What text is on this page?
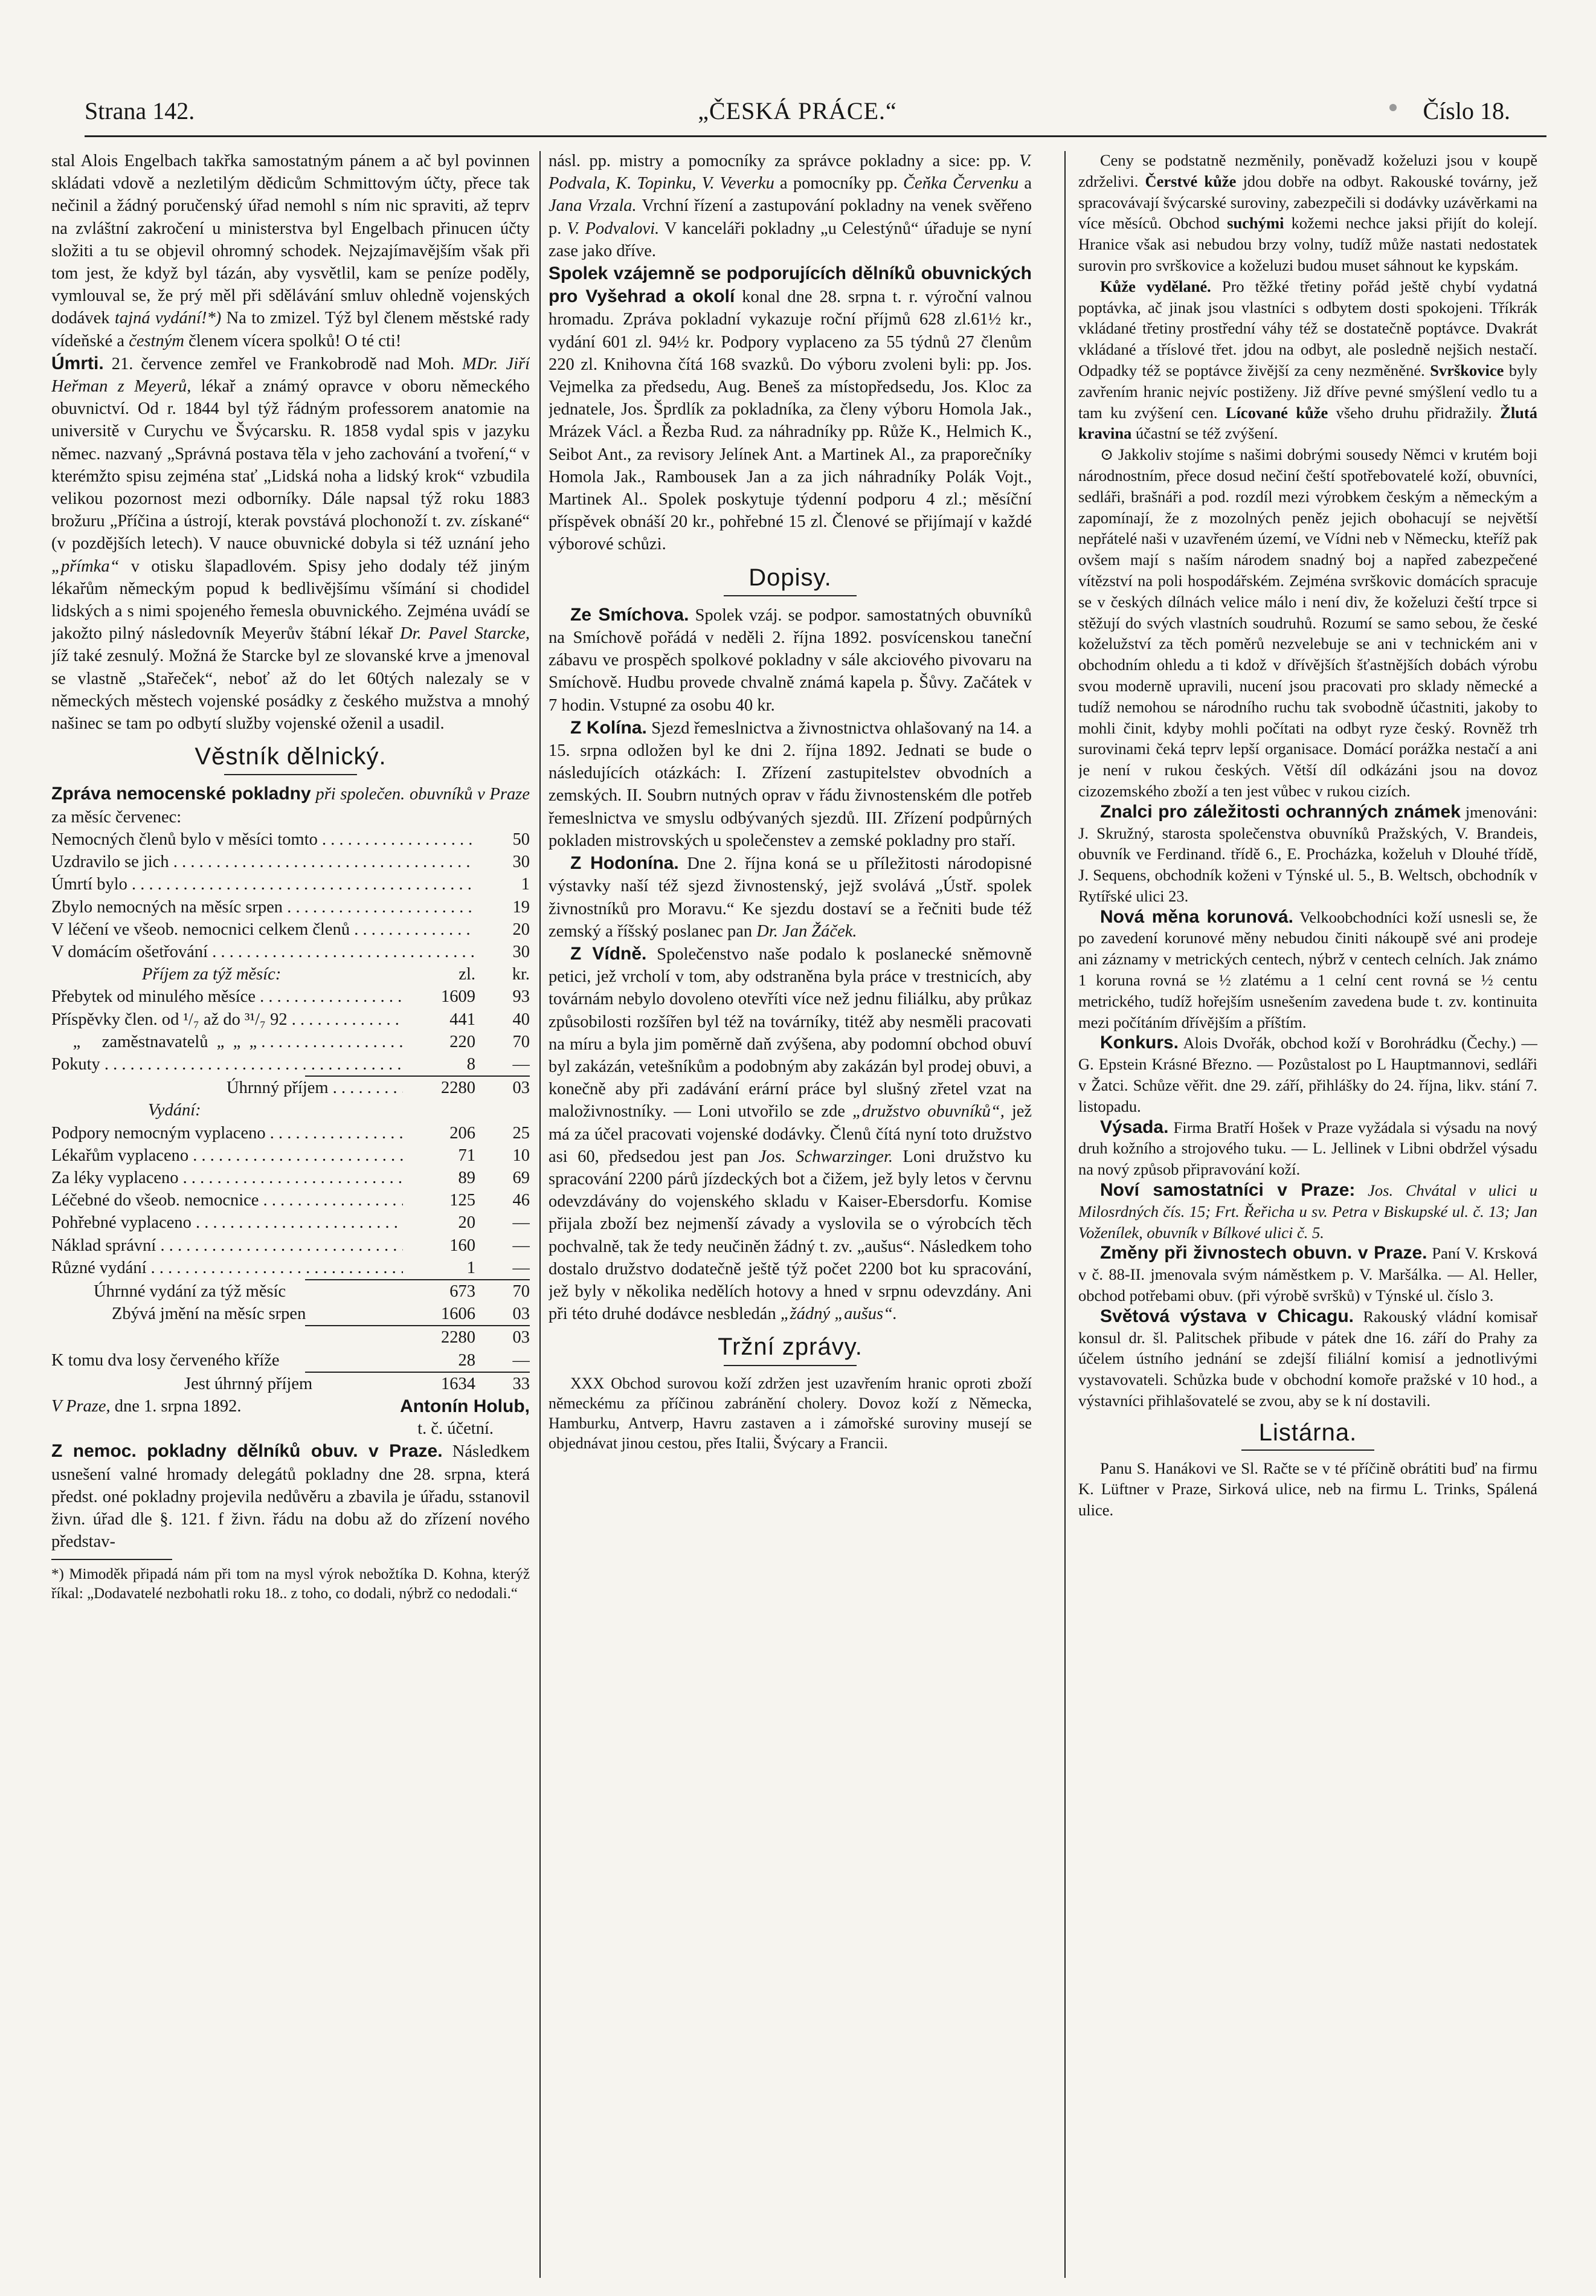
Strana 142.	„ČESKÁ PRÁCE.“	Číslo 18.

stal Alois Engelbach takřka samostatným pánem a ač byl povinnen skládati vdově a nezletilým dědicům Schmittovým účty, přece tak nečinil a žádný poručenský úřad nemohl s ním nic spraviti, až teprv na zvláštní zakročení u ministerstva byl Engelbach přinucen účty složiti a tu se objevil ohromný schodek. Nejzajímavějším však při tom jest, že když byl tázán, aby vysvětlil, kam se peníze poděly, vymlouval se, že prý měl při sdělávání smluv ohledně vojenských dodávek tajná vydání!*) Na to zmizel. Týž byl členem městské rady vídeňské a čestným členem vícera spolků! O té cti!

Úmrti. 21. července zemřel ve Frankobrodě nad Moh. MDr. Jiří Heřman z Meyerů, lékař a známý opravce v oboru německého obuvnictví. Od r. 1844 byl týž řádným professorem anatomie na universitě v Curychu ve Švýcarsku. R. 1858 vydal spis v jazyku němec. nazvaný „Správná postava těla v jeho zachování a tvoření,“ v kterémžto spisu zejména stať „Lidská noha a lidský krok“ vzbudila velikou pozornost mezi odborníky. Dále napsal týž roku 1883 brožuru „Příčina a ústrojí, kterak povstává plochonoží t. zv. získané“ (v pozdějších letech). V nauce obuvnické dobyla si též uznání jeho „přímka“ v otisku šlapadlovém. Spisy jeho dodaly též jiným lékařům německým popud k bedlivějšímu všímání si chodidel lidských a s nimi spojeného řemesla obuvnického. Zejména uvádí se jakožto pilný následovník Meyerův štábní lékař Dr. Pavel Starcke, jíž také zesnulý. Možná že Starcke byl ze slovanské krve a jmenoval se vlastně „Stařeček“, neboť až do let 60tých nalezaly se v německých městech vojenské posádky z českého mužstva a mnohý našinec se tam po odbytí služby vojenské oženil a usadil.

Věstník dělnický.

Zpráva nemocenské pokladny při společen. obuvníků v Praze za měsíc červenec:

Nemocných členů bylo v měsíci tomto . . .	50
Uzdravilo se jich . . .	30
Úmrtí bylo . . .	1
Zbylo nemocných na měsíc srpen . . .	19
V léčení ve všeob. nemocnici celkem členů . . .	20
V domácím ošetřování . . .	30
Příjem za týž měsíc:	zl.	kr.
Přebytek od minulého měsíce . . .	1609	93
Příspěvky člen. od ¹/₇ až do ³¹/₇ 92 . . .	441	40
„     zaměstnavatelů  „  „  „ . . .	220	70
Pokuty . . .	8	—
Úhrnný příjem . . .	2280	03
Vydání:
Podpory nemocným vyplaceno . . .	206	25
Lékařům vyplaceno . . .	71	10
Za léky vyplaceno . . .	89	69
Léčebné do všeob. nemocnice . . .	125	46
Pohřebné vyplaceno . . .	20	—
Náklad správní . . .	160	—
Různé vydání . . .	1	—
Úhrnné vydání za týž měsíc	673	70
Zbývá jmění na měsíc srpen	1606	03
2280	03
K tomu dva losy červeného kříže	28	—
Jest úhrnný příjem	1634	33
V Praze, dne 1. srpna 1892.	Antonín Holub,
t. č. účetní.

Z nemoc. pokladny dělníků obuv. v Praze. Následkem usnešení valné hromady delegátů pokladny dne 28. srpna, která předst. oné pokladny projevila nedůvěru a zbavila je úřadu, sstanovil živn. úřad dle §. 121. f živn. řádu na dobu až do zřízení nového představ-

*) Mimoděk připadá nám při tom na mysl výrok nebožtíka D. Kohna, kterýž říkal: „Dodavatelé nezbohatli roku 18.. z toho, co dodali, nýbrž co nedodali.“

násl. pp. mistry a pomocníky za správce pokladny a sice: pp. V. Podvala, K. Topinku, V. Veverku a pomocníky pp. Čeňka Červenku a Jana Vrzala. Vrchní řízení a zastupování pokladny na venek svěřeno p. V. Podvalovi. V kanceláři pokladny „u Celestýnů“ úřaduje se nyní zase jako dříve.

Spolek vzájemně se podporujících dělníků obuvnických pro Vyšehrad a okolí konal dne 28. srpna t. r. výroční valnou hromadu. Zpráva pokladní vykazuje roční příjmů 628 zl.61½ kr., vydání 601 zl. 94½ kr. Podpory vyplaceno za 55 týdnů 27 členům 220 zl. Knihovna čítá 168 svazků. Do výboru zvoleni byli: pp. Jos. Vejmelka za předsedu, Aug. Beneš za místopředsedu, Jos. Kloc za jednatele, Jos. Šprdlík za pokladníka, za členy výboru Homola Jak., Mrázek Václ. a Řezba Rud. za náhradníky pp. Růže K., Helmich K., Seibot Ant., za revisory Jelínek Ant. a Martinek Al., za praporečníky Homola Jak., Rambousek Jan a za jich náhradníky Polák Vojt., Martinek Al.. Spolek poskytuje týdenní podporu 4 zl.; měsíční příspěvek obnáší 20 kr., pohřebné 15 zl. Členové se přijímají v každé výborové schůzi.

Dopisy.

Ze Smíchova. Spolek vzáj. se podpor. samostatných obuvníků na Smíchově pořádá v neděli 2. října 1892. posvícenskou taneční zábavu ve prospěch spolkové pokladny v sále akciového pivovaru na Smíchově. Hudbu provede chvalně známá kapela p. Šůvy. Začátek v 7 hodin. Vstupné za osobu 40 kr.

Z Kolína. Sjezd řemeslnictva a živnostnictva ohlašovaný na 14. a 15. srpna odložen byl ke dni 2. října 1892. Jednati se bude o následujících otázkách: I. Zřízení zastupitelstev obvodních a zemských. II. Soubrn nutných oprav v řádu živnostenském dle potřeb řemeslnictva ve smyslu odbývaných sjezdů. III. Zřízení podpůrných pokladen mistrovských u společenstev a zemské pokladny pro staří.

Z Hodonína. Dne 2. října koná se u příležitosti národopisné výstavky naší též sjezd živnostenský, jejž svolává „Ústř. spolek živnostníků pro Moravu.“ Ke sjezdu dostaví se a řečniti bude též zemský a říšský poslanec pan Dr. Jan Žáček.

Z Vídně. Společenstvo naše podalo k poslanecké sněmovně petici, jež vrcholí v tom, aby odstraněna byla práce v trestnicích, aby továrnám nebylo dovoleno otevříti více než jednu filiálku, aby průkaz způsobilosti rozšířen byl též na továrníky, titéž aby nesměli pracovati na míru a byla jim poměrně daň zvýšena, aby podomní obchod obuví byl zakázán, vetešníkům a podobným aby zakázán byl prodej obuvi, a konečně aby při zadávání erární práce byl slušný zřetel vzat na maloživnostníky. — Loni utvořilo se zde „družstvo obuvníků“, jež má za účel pracovati vojenské dodávky. Členů čítá nyní toto družstvo asi 60, předsedou jest pan Jos. Schwarzinger. Loni družstvo ku spracování 2200 párů jízdeckých bot a čižem, jež byly letos v červnu odevzdávány do vojenského skladu v Kaiser-Ebersdorfu. Komise přijala zboží bez nejmenší závady a vyslovila se o výrobcích těch pochvalně, tak že tedy neučiněn žádný t. zv. „aušus“. Následkem toho dostalo družstvo dodatečně ještě týž počet 2200 bot ku spracování, jež byly v několika nedělích hotovy a hned v srpnu odevzdány. Ani při této druhé dodávce nesbledán „žádný „aušus“.

Tržní zprávy.

XXX Obchod surovou koží zdržen jest uzavřením hranic oproti zboží německému za příčinou zabránění cholery. Dovoz koží z Německa, Hamburku, Antverp, Havru zastaven a i zámořské suroviny musejí se objednávat jinou cestou, přes Italii, Švýcary a Francii.

Ceny se podstatně nezměnily, poněvadž koželuzi jsou v koupě zdrželivi. Čerstvé kůže jdou dobře na odbyt. Rakouské továrny, jež spracovávají švýcarské suroviny, zabezpečili si dodávky uzávěrkami na více měsíců. Obchod suchými kožemi nechce jaksi přijít do kolejí. Hranice však asi nebudou brzy volny, tudíž může nastati nedostatek surovin pro svrškovice a koželuzi budou muset sáhnout ke kypskám.

Kůže vydělané. Pro těžké třetiny pořád ještě chybí vydatná poptávka, ač jinak jsou vlastníci s odbytem dosti spokojeni. Tříkrák vkládané třetiny prostřední váhy též se dostatečně poptávce. Dvakrát vkládané a tříslové třet. jdou na odbyt, ale posledně nejšich nestačí. Odpadky též se poptávce živější za ceny nezměněné. Svrškovice byly zavřením hranic nejvíc postiženy. Již dříve pevné smýšlení vedlo tu a tam ku zvýšení cen. Lícované kůže všeho druhu přidražily. Žlutá kravina účastní se též zvýšení.

⊙ Jakkoliv stojíme s našimi dobrými sousedy Němci v krutém boji národnostním, přece dosud nečiní čeští spotřebovatelé koží, obuvníci, sedláři, brašnáři a pod. rozdíl mezi výrobkem českým a německým a zapomínají, že z mozolných peněz jejich obohacují se největší nepřátelé naši v uzavřeném území, ve Vídni neb v Německu, kteříž pak ovšem mají s naším národem snadný boj a napřed zabezpečené vítězství na poli hospodářském. Zejména svrškovic domácích spracuje se v českých dílnách velice málo i není div, že koželuzi čeští trpce si stěžují do svých vlastních soudruhů. Rozumí se samo sebou, že české koželužství za těch poměrů nezvelebuje se ani v technickém ani v obchodním ohledu a ti kdož v dřívějších šťastnějších dobách výrobu svou moderně upravili, nucení jsou pracovati pro sklady německé a tudíž nemohou se národního ruchu tak svobodně účastniti, jakoby to mohli činit, kdyby mohli počítati na odbyt ryze český. Rovněž trh surovinami čeká teprv lepší organisace. Domácí porážka nestačí a ani je není v rukou českých. Větší díl odkázáni jsou na dovoz cizozemského zboží a ten jest vůbec v rukou cizích.

Znalci pro záležitosti ochranných známek jmenováni: J. Skružný, starosta společenstva obuvníků Pražských, V. Brandeis, obuvník ve Ferdinand. třídě 6., E. Procházka, koželuh v Dlouhé třídě, J. Sequens, obchodník koženi v Týnské ul. 5., B. Weltsch, obchodník v Rytířské ulici 23.

Nová měna korunová. Velkoobchodníci koží usnesli se, že po zavedení korunové měny nebudou činiti nákoupě své ani prodeje ani záznamy v metrických centech, nýbrž v centech celních. Jak známo 1 koruna rovná se ½ zlatému a 1 celní cent rovná se ½ centu metrického, tudíž hořejším usnešením zavedena bude t. zv. kontinuita mezi počítáním dřívějším a příštím.

Konkurs. Alois Dvořák, obchod koží v Borohrádku (Čechy.) — G. Epstein Krásné Březno. — Pozůstalost po L Hauptmannovi, sedláři v Žatci. Schůze věřit. dne 29. září, přihlášky do 24. října, likv. stání 7. listopadu.

Výsada. Firma Bratří Hošek v Praze vyžádala si výsadu na nový druh kožního a strojového tuku. — L. Jellinek v Libni obdržel výsadu na nový způsob připravování koží.

Noví samostatníci v Praze: Jos. Chvátal v ulici u Milosrdných čís. 15; Frt. Řeřicha u sv. Petra v Biskupské ul. č. 13; Jan Voženílek, obuvník v Bílkové ulici č. 5.

Změny při živnostech obuvn. v Praze. Paní V. Krsková v č. 88-II. jmenovala svým náměstkem p. V. Maršálka. — Al. Heller, obchod potřebami obuv. (při výrobě svršků) v Týnské ul. číslo 3.

Světová výstava v Chicagu. Rakouský vládní komisař konsul dr. šl. Palitschek přibude v pátek dne 16. září do Prahy za účelem ústního jednání se zdejší filiální komisí a jednotlivými vystavovateli. Schůzka bude v obchodní komoře pražské v 10 hod., a výstavníci přihlašovatelé se zvou, aby se k ní dostavili.

Listárna.

Panu S. Hanákovi ve Sl. Račte se v té příčině obrátiti buď na firmu K. Lüftner v Praze, Sirková ulice, neb na firmu L. Trinks, Spálená ulice.
